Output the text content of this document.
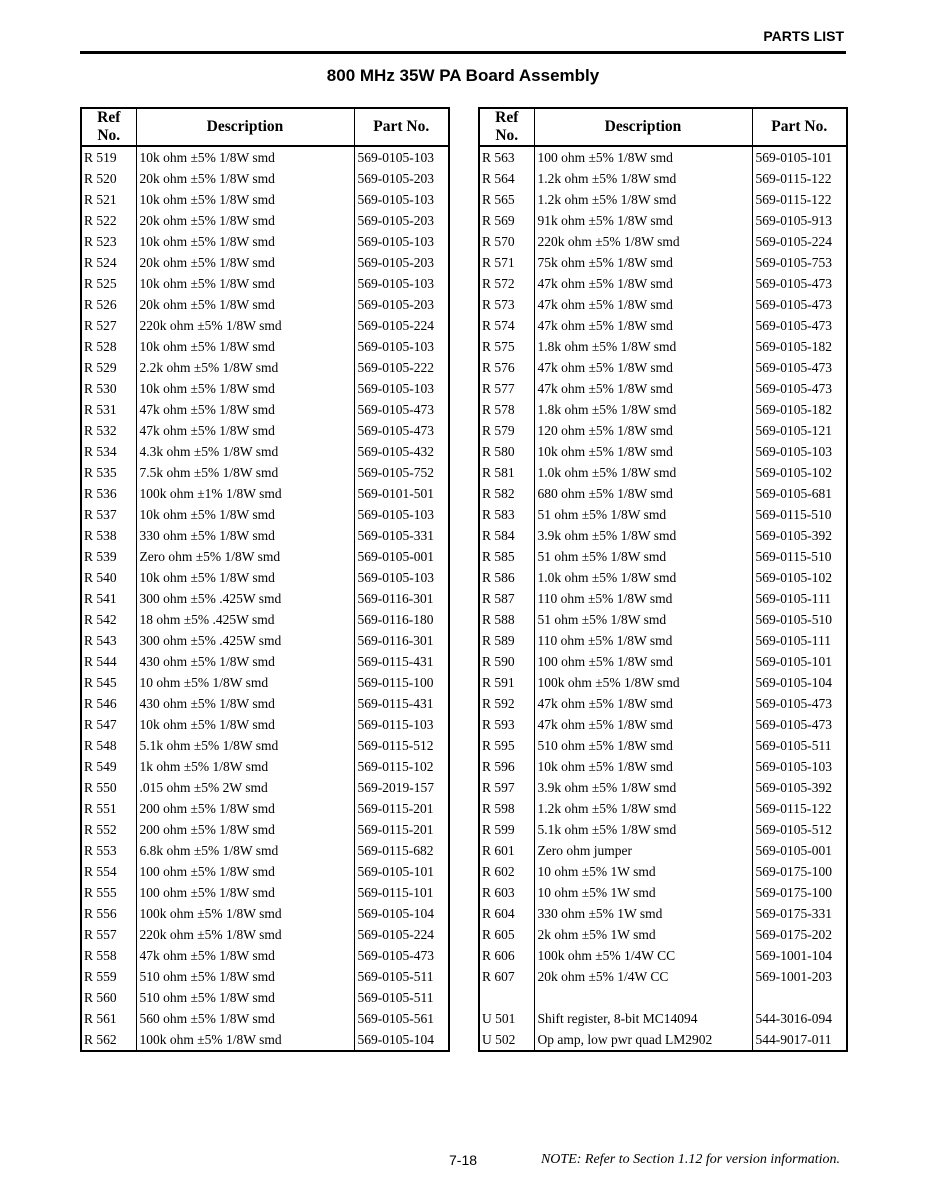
PARTS LIST
800 MHz 35W PA Board Assembly
Ref No.	Description	Part No.
R 519	10k ohm ±5% 1/8W smd	569-0105-103
R 520	20k ohm ±5% 1/8W smd	569-0105-203
R 521	10k ohm ±5% 1/8W smd	569-0105-103
R 522	20k ohm ±5% 1/8W smd	569-0105-203
R 523	10k ohm ±5% 1/8W smd	569-0105-103
R 524	20k ohm ±5% 1/8W smd	569-0105-203
R 525	10k ohm ±5% 1/8W smd	569-0105-103
R 526	20k ohm ±5% 1/8W smd	569-0105-203
R 527	220k ohm ±5% 1/8W smd	569-0105-224
R 528	10k ohm ±5% 1/8W smd	569-0105-103
R 529	2.2k ohm ±5% 1/8W smd	569-0105-222
R 530	10k ohm ±5% 1/8W smd	569-0105-103
R 531	47k ohm ±5% 1/8W smd	569-0105-473
R 532	47k ohm ±5% 1/8W smd	569-0105-473
R 534	4.3k ohm ±5% 1/8W smd	569-0105-432
R 535	7.5k ohm ±5% 1/8W smd	569-0105-752
R 536	100k ohm ±1% 1/8W smd	569-0101-501
R 537	10k ohm ±5% 1/8W smd	569-0105-103
R 538	330 ohm ±5% 1/8W smd	569-0105-331
R 539	Zero ohm ±5% 1/8W smd	569-0105-001
R 540	10k ohm ±5% 1/8W smd	569-0105-103
R 541	300 ohm ±5% .425W smd	569-0116-301
R 542	18 ohm ±5% .425W smd	569-0116-180
R 543	300 ohm ±5% .425W smd	569-0116-301
R 544	430 ohm ±5% 1/8W smd	569-0115-431
R 545	10 ohm ±5% 1/8W smd	569-0115-100
R 546	430 ohm ±5% 1/8W smd	569-0115-431
R 547	10k ohm ±5% 1/8W smd	569-0115-103
R 548	5.1k ohm ±5% 1/8W smd	569-0115-512
R 549	1k ohm ±5% 1/8W smd	569-0115-102
R 550	.015 ohm ±5% 2W smd	569-2019-157
R 551	200 ohm ±5% 1/8W smd	569-0115-201
R 552	200 ohm ±5% 1/8W smd	569-0115-201
R 553	6.8k ohm ±5% 1/8W smd	569-0115-682
R 554	100 ohm ±5% 1/8W smd	569-0105-101
R 555	100 ohm ±5% 1/8W smd	569-0115-101
R 556	100k ohm ±5% 1/8W smd	569-0105-104
R 557	220k ohm ±5% 1/8W smd	569-0105-224
R 558	47k ohm ±5% 1/8W smd	569-0105-473
R 559	510 ohm ±5% 1/8W smd	569-0105-511
R 560	510 ohm ±5% 1/8W smd	569-0105-511
R 561	560 ohm ±5% 1/8W smd	569-0105-561
R 562	100k ohm ±5% 1/8W smd	569-0105-104
Ref No.	Description	Part No.
R 563	100 ohm ±5% 1/8W smd	569-0105-101
R 564	1.2k ohm ±5% 1/8W smd	569-0115-122
R 565	1.2k ohm ±5% 1/8W smd	569-0115-122
R 569	91k ohm ±5% 1/8W smd	569-0105-913
R 570	220k ohm ±5% 1/8W smd	569-0105-224
R 571	75k ohm ±5% 1/8W smd	569-0105-753
R 572	47k ohm ±5% 1/8W smd	569-0105-473
R 573	47k ohm ±5% 1/8W smd	569-0105-473
R 574	47k ohm ±5% 1/8W smd	569-0105-473
R 575	1.8k ohm ±5% 1/8W smd	569-0105-182
R 576	47k ohm ±5% 1/8W smd	569-0105-473
R 577	47k ohm ±5% 1/8W smd	569-0105-473
R 578	1.8k ohm ±5% 1/8W smd	569-0105-182
R 579	120 ohm ±5% 1/8W smd	569-0105-121
R 580	10k ohm ±5% 1/8W smd	569-0105-103
R 581	1.0k ohm ±5% 1/8W smd	569-0105-102
R 582	680 ohm ±5% 1/8W smd	569-0105-681
R 583	51 ohm ±5% 1/8W smd	569-0115-510
R 584	3.9k ohm ±5% 1/8W smd	569-0105-392
R 585	51 ohm ±5% 1/8W smd	569-0115-510
R 586	1.0k ohm ±5% 1/8W smd	569-0105-102
R 587	110 ohm ±5% 1/8W smd	569-0105-111
R 588	51 ohm ±5% 1/8W smd	569-0105-510
R 589	110 ohm ±5% 1/8W smd	569-0105-111
R 590	100 ohm ±5% 1/8W smd	569-0105-101
R 591	100k ohm ±5% 1/8W smd	569-0105-104
R 592	47k ohm ±5% 1/8W smd	569-0105-473
R 593	47k ohm ±5% 1/8W smd	569-0105-473
R 595	510 ohm ±5% 1/8W smd	569-0105-511
R 596	10k ohm ±5% 1/8W smd	569-0105-103
R 597	3.9k ohm ±5% 1/8W smd	569-0105-392
R 598	1.2k ohm ±5% 1/8W smd	569-0115-122
R 599	5.1k ohm ±5% 1/8W smd	569-0105-512
R 601	Zero ohm jumper	569-0105-001
R 602	10 ohm ±5% 1W smd	569-0175-100
R 603	10 ohm ±5% 1W smd	569-0175-100
R 604	330 ohm ±5% 1W smd	569-0175-331
R 605	2k ohm ±5% 1W smd	569-0175-202
R 606	100k ohm ±5% 1/4W CC	569-1001-104
R 607	20k ohm ±5% 1/4W CC	569-1001-203

U 501	Shift register, 8-bit MC14094	544-3016-094
U 502	Op amp, low pwr quad LM2902	544-9017-011
7-18	NOTE: Refer to Section 1.12 for version information.
